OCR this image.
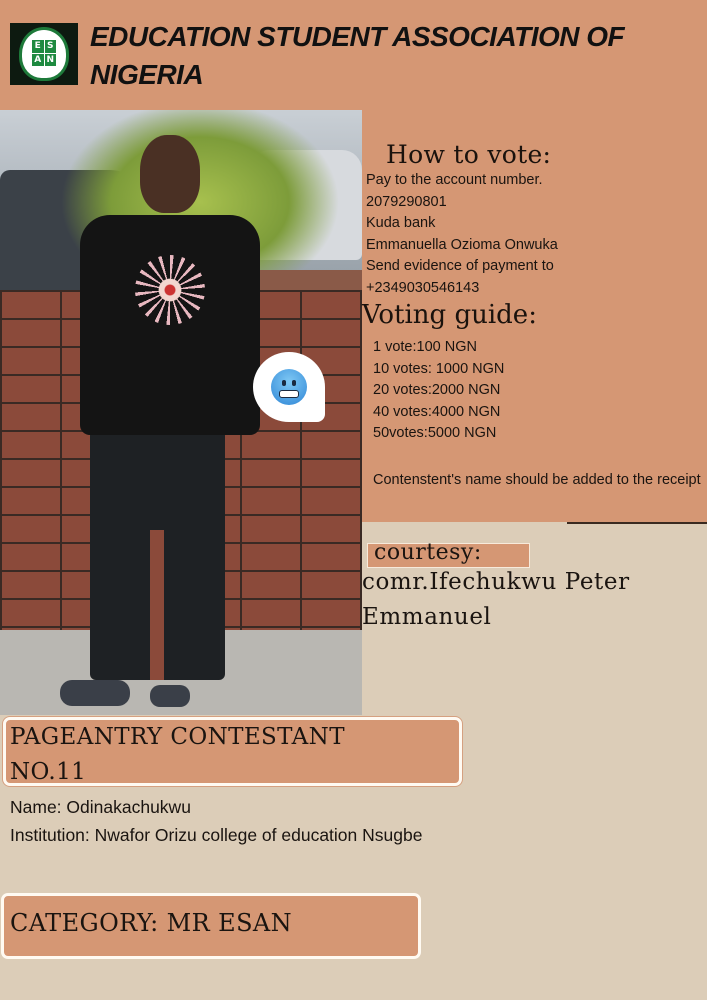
E S
A N
EDUCATION STUDENT ASSOCIATION OF NIGERIA
How to vote:
Pay to the account number.
2079290801
Kuda bank
Emmanuella Ozioma Onwuka
Send evidence of payment to
+2349030546143
Voting guide:
1 vote:100 NGN
10 votes: 1000 NGN
20 votes:2000 NGN
40 votes:4000 NGN
50votes:5000 NGN
Contenstent's name should be added to the receipt
courtesy:
comr.Ifechukwu Peter Emmanuel
PAGEANTRY CONTESTANT NO.11
Name: Odinakachukwu
Institution: Nwafor Orizu college of education Nsugbe
CATEGORY: MR ESAN
